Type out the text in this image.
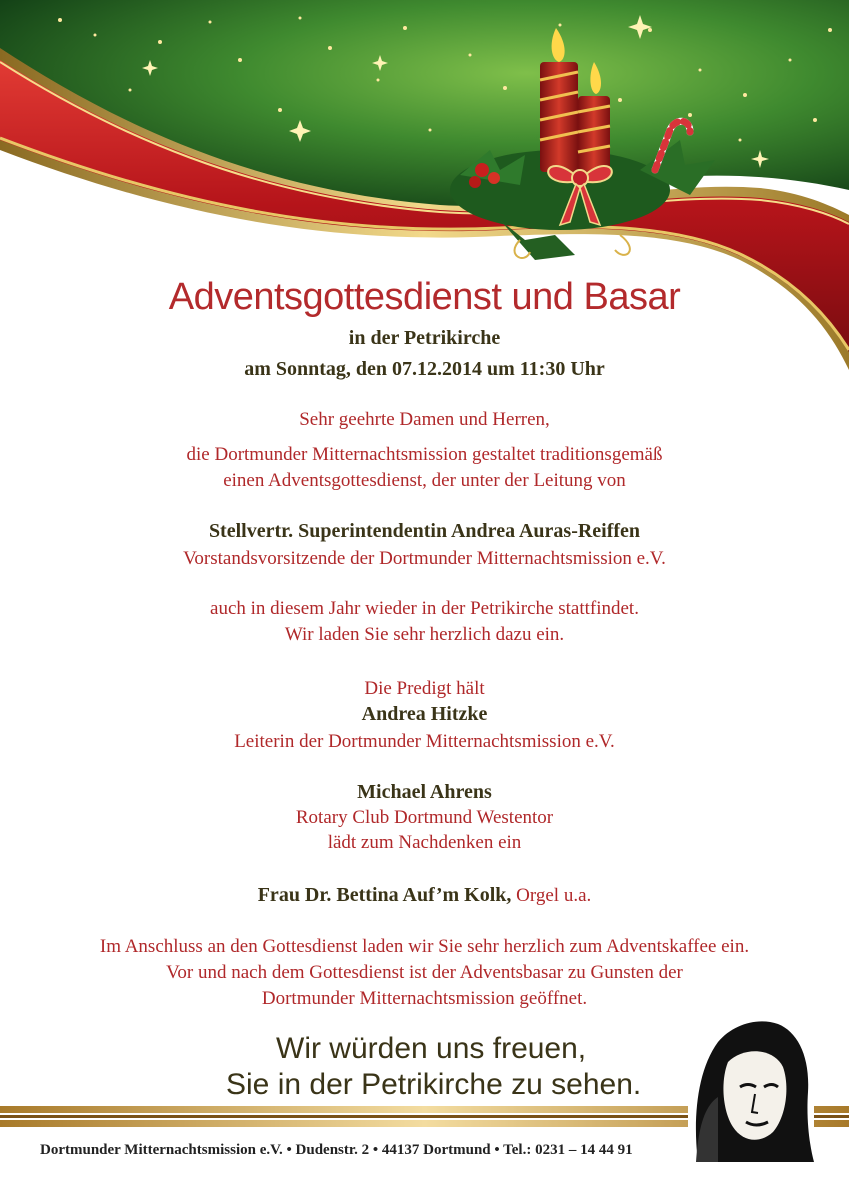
Adventsgottesdienst und Basar
in der Petrikirche
am Sonntag, den 07.12.2014 um 11:30 Uhr
Sehr geehrte Damen und Herren,
die Dortmunder Mitternachtsmission gestaltet traditionsgemäß
einen Adventsgottesdienst, der unter der Leitung von
Stellvertr. Superintendentin Andrea Auras-Reiffen
Vorstandsvorsitzende der Dortmunder Mitternachtsmission e.V.
auch in diesem Jahr wieder in der Petrikirche stattfindet.
Wir laden Sie sehr herzlich dazu ein.
Die Predigt hält
Andrea Hitzke
Leiterin der Dortmunder Mitternachtsmission e.V.
Michael Ahrens
Rotary Club Dortmund Westentor
lädt zum Nachdenken ein
Frau Dr. Bettina Auf’m Kolk, Orgel u.a.
Im Anschluss an den Gottesdienst laden wir Sie sehr herzlich zum Adventskaffee ein.
Vor und nach dem Gottesdienst ist der Adventsbasar zu Gunsten der
Dortmunder Mitternachtsmission geöffnet.
Wir würden uns freuen,
Sie in der Petrikirche zu sehen.
Dortmunder Mitternachtsmission e.V. • Dudenstr. 2 • 44137 Dortmund • Tel.: 0231 – 14 44 91
